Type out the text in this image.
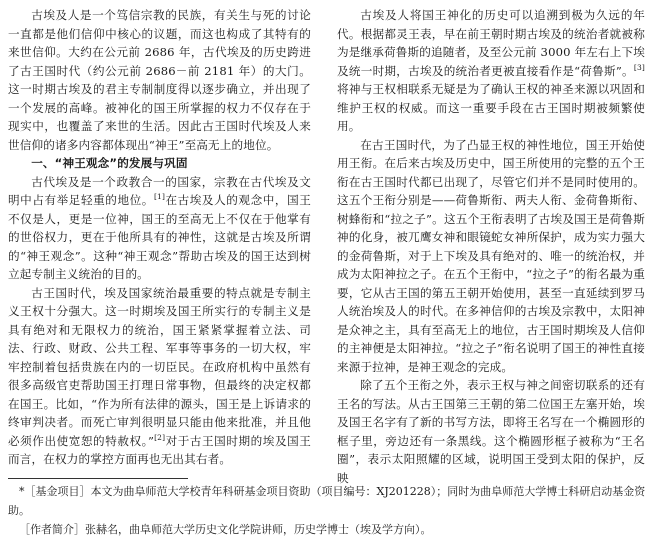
古埃及人是一个笃信宗教的民族，有关生与死的讨论一直都是他们信仰中核心的议题，而这也构成了其特有的来世信仰。大约在公元前 2686 年，古代埃及的历史跨进了古王国时代（约公元前 2686－前 2181 年）的大门。这一时期古埃及的君主专制制度得以逐步确立，并出现了一个发展的高峰。被神化的国王所掌握的权力不仅存在于现实中，也覆盖了来世的生活。因此古王国时代埃及人来世信仰的诸多内容都体现出“神王”至高无上的地位。

一、“神王观念”的发展与巩固

古代埃及是一个政教合一的国家，宗教在古代埃及文明中占有举足轻重的地位。[1]在古埃及人的观念中，国王不仅是人，更是一位神，国王的至高无上不仅在于他掌有的世俗权力，更在于他所具有的神性，这就是古埃及所谓的“神王观念”。这种“神王观念”帮助古埃及的国王达到树立起专制主义统治的目的。

古王国时代，埃及国家统治最重要的特点就是专制主义王权十分强大。这一时期埃及国王所实行的专制主义是具有绝对和无限权力的统治，国王紧紧掌握着立法、司法、行政、财政、公共工程、军事等事务的一切大权，牢牢控制着包括贵族在内的一切臣民。在政府机构中虽然有很多高级官吏帮助国王打理日常事物，但最终的决定权都在国王。比如，“作为所有法律的源头，国王是上诉请求的终审判决者。而死亡审判很明显只能由他来批准，并且他必须作出使宽恕的特赦权。”[2]对于古王国时期的埃及国王而言，在权力的掌控方面再也无出其右者。

古埃及人将国王神化的历史可以追溯到极为久远的年代。根据都灵王表，早在前王朝时期古埃及的统治者就被称为是继承荷鲁斯的追随者，及至公元前 3000 年左右上下埃及统一时期，古埃及的统治者更被直接看作是“荷鲁斯”。[3]将神与王权相联系无疑是为了确认王权的神圣来源以巩固和维护王权的权威。而这一重要手段在古王国时期被频繁使用。

在古王国时代，为了凸显王权的神性地位，国王开始使用王衔。在后来古埃及历史中，国王所使用的完整的五个王衔在古王国时代都已出现了，尽管它们并不是同时使用的。这五个王衔分别是——荷鲁斯衔、两夫人衔、金荷鲁斯衔、树蜂衔和“拉之子”。这五个王衔表明了古埃及国王是荷鲁斯神的化身，被兀鹰女神和眼镜蛇女神所保护，成为实力强大的金荷鲁斯，对于上下埃及具有绝对的、唯一的统治权，并成为太阳神拉之子。在五个王衔中，“拉之子”的衔名最为重要，它从古王国的第五王朝开始使用，甚至一直延续到罗马人统治埃及人的时代。在多神信仰的古埃及宗教中，太阳神是众神之主，具有至高无上的地位，古王国时期埃及人信仰的主神便是太阳神拉。“拉之子”衔名说明了国王的神性直接来源于拉神，是神王观念的完成。

除了五个王衔之外，表示王权与神之间密切联系的还有王名的写法。从古王国第三王朝的第二位国王左塞开始，埃及国王名字有了新的书写方法，即将王名写在一个椭圆形的框子里，旁边还有一条黑线。这个椭圆形框子被称为“王名圈”，表示太阳照耀的区域，说明国王受到太阳的保护，反映

*［基金项目］本文为曲阜师范大学校青年科研基金项目资助（项目编号：XJ201228）；同时为曲阜师范大学博士科研启动基金资助。

［作者简介］张赫名，曲阜师范大学历史文化学院讲师，历史学博士（埃及学方向）。
